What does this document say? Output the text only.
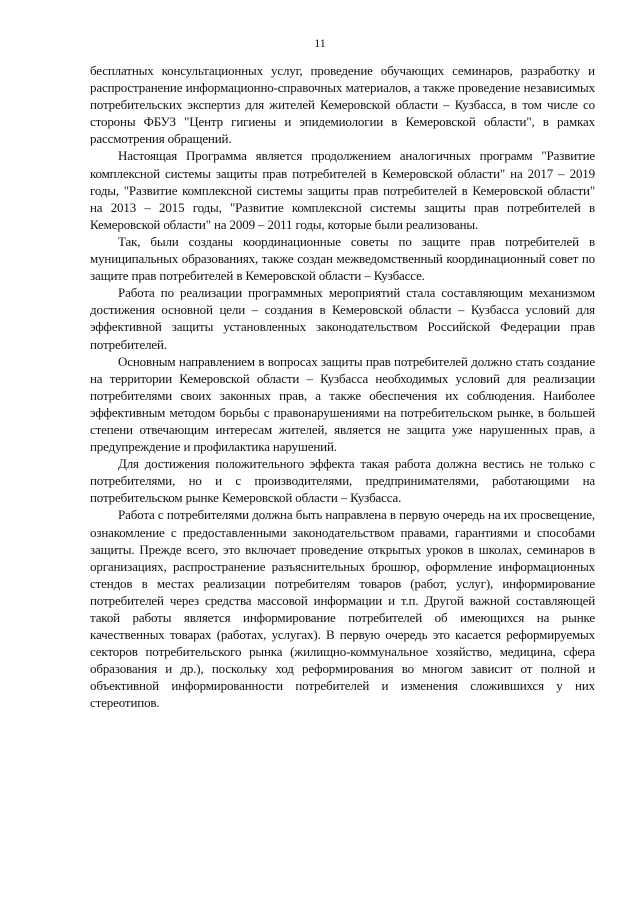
11

бесплатных консультационных услуг, проведение обучающих семинаров, разработку и распространение информационно-справочных материалов, а также проведение независимых потребительских экспертиз для жителей Кемеровской области – Кузбасса, в том числе со стороны ФБУЗ "Центр гигиены и эпидемиологии в Кемеровской области", в рамках рассмотрения обращений.

Настоящая Программа является продолжением аналогичных программ "Развитие комплексной системы защиты прав потребителей в Кемеровской области" на 2017 – 2019 годы, "Развитие комплексной системы защиты прав потребителей в Кемеровской области" на 2013 – 2015 годы, "Развитие комплексной системы защиты прав потребителей в Кемеровской области" на 2009 – 2011 годы, которые были реализованы.

Так, были созданы координационные советы по защите прав потребителей в муниципальных образованиях, также создан межведомственный координационный совет по защите прав потребителей в Кемеровской области – Кузбассе.

Работа по реализации программных мероприятий стала составляющим механизмом достижения основной цели – создания в Кемеровской области – Кузбасса условий для эффективной защиты установленных законодательством Российской Федерации прав потребителей.

Основным направлением в вопросах защиты прав потребителей должно стать создание на территории Кемеровской области – Кузбасса необходимых условий для реализации потребителями своих законных прав, а также обеспечения их соблюдения. Наиболее эффективным методом борьбы с правонарушениями на потребительском рынке, в большей степени отвечающим интересам жителей, является не защита уже нарушенных прав, а предупреждение и профилактика нарушений.

Для достижения положительного эффекта такая работа должна вестись не только с потребителями, но и с производителями, предпринимателями, работающими на потребительском рынке Кемеровской области – Кузбасса.

Работа с потребителями должна быть направлена в первую очередь на их просвещение, ознакомление с предоставленными законодательством правами, гарантиями и способами защиты. Прежде всего, это включает проведение открытых уроков в школах, семинаров в организациях, распространение разъяснительных брошюр, оформление информационных стендов в местах реализации потребителям товаров (работ, услуг), информирование потребителей через средства массовой информации и т.п. Другой важной составляющей такой работы является информирование потребителей об имеющихся на рынке качественных товарах (работах, услугах). В первую очередь это касается реформируемых секторов потребительского рынка (жилищно-коммунальное хозяйство, медицина, сфера образования и др.), поскольку ход реформирования во многом зависит от полной и объективной информированности потребителей и изменения сложившихся у них стереотипов.
